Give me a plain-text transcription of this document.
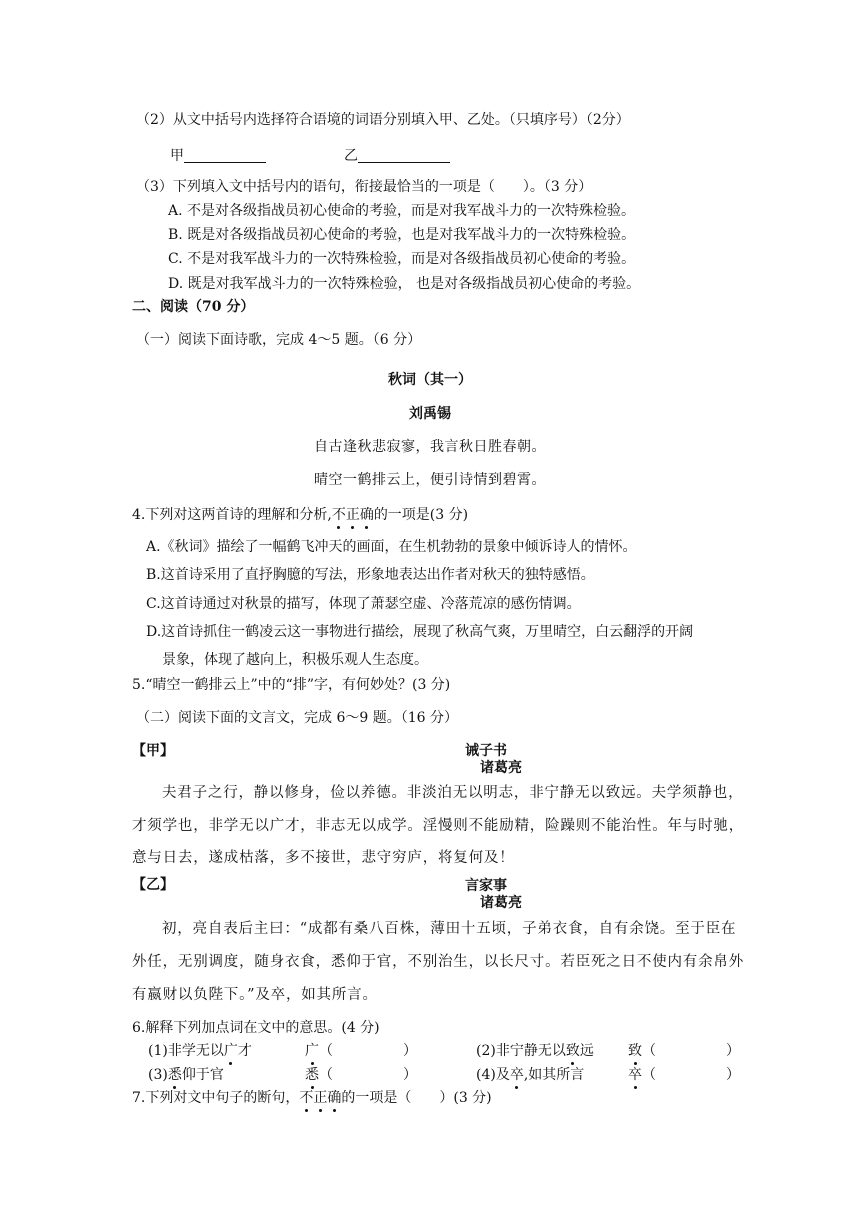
（2）从文中括号内选择符合语境的词语分别填入甲、乙处。（只填序号）（2分）
甲	乙
（3）下列填入文中括号内的语句，衔接最恰当的一项是（　　）。（3 分）
A. 不是对各级指战员初心使命的考验，而是对我军战斗力的一次特殊检验。
B. 既是对各级指战员初心使命的考验，也是对我军战斗力的一次特殊检验。
C. 不是对我军战斗力的一次特殊检验，而是对各级指战员初心使命的考验。
D. 既是对我军战斗力的一次特殊检验， 也是对各级指战员初心使命的考验。
二、阅读（70 分）
（一）阅读下面诗歌，完成 4～5 题。（6 分）
秋词（其一）
刘禹锡
自古逢秋悲寂寥，我言秋日胜春朝。
晴空一鹤排云上，便引诗情到碧霄。
4.下列对这两首诗的理解和分析,不正确的一项是(3 分)
A.《秋词》描绘了一幅鹤飞冲天的画面，在生机勃勃的景象中倾诉诗人的情怀。
B.这首诗采用了直抒胸臆的写法，形象地表达出作者对秋天的独特感悟。
C.这首诗通过对秋景的描写，体现了萧瑟空虚、冷落荒凉的感伤情调。
D.这首诗抓住一鹤凌云这一事物进行描绘，展现了秋高气爽，万里晴空，白云翻浮的开阔
景象，体现了越向上，积极乐观人生态度。
5.“晴空一鹤排云上”中的“排”字，有何妙处？(3 分)
（二）阅读下面的文言文，完成 6～9 题。（16 分）
【甲】	诫子书
诸葛亮
夫君子之行，静以修身，俭以养德。非淡泊无以明志，非宁静无以致远。夫学须静也，
才须学也，非学无以广才，非志无以成学。淫慢则不能励精，险躁则不能治性。年与时驰，
意与日去，遂成枯落，多不接世，悲守穷庐，将复何及！
【乙】	言家事
诸葛亮
初，亮自表后主曰：“成都有桑八百株，薄田十五顷，子弟衣食，自有余饶。至于臣在
外任，无别调度，随身衣食，悉仰于官，不别治生，以长尺寸。若臣死之日不使内有余帛外
有嬴财以负陛下。”及卒，如其所言。
6.解释下列加点词在文中的意思。(4 分)
(1)非学无以广才	广（　　　　　）	(2)非宁静无以致远 致（　　　　　）
(3)悉仰于官	悉（　　　　　）	(4)及卒,如其所言	卒（　　　　　）
7.下列对文中句子的断句，不正确的一项是（　　）(3 分)
